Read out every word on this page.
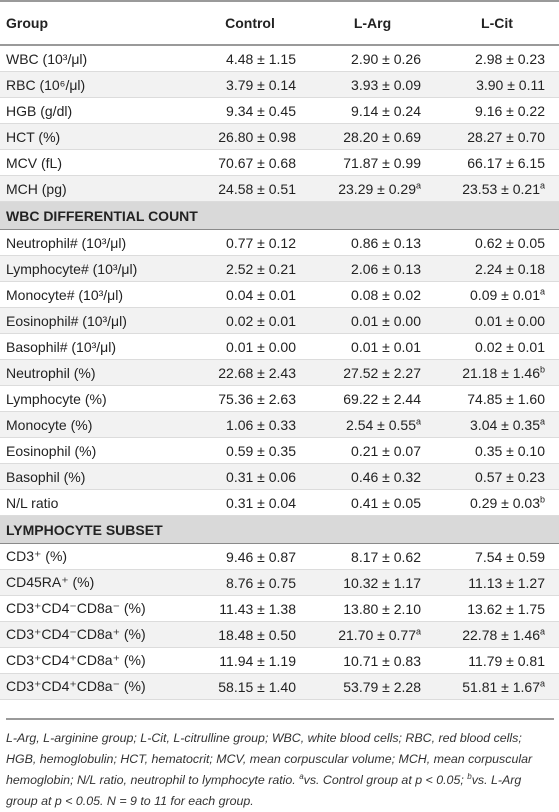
Group	Control	L-Arg	L-Cit
WBC (10³/μl)	4.48 ± 1.15	2.90 ± 0.26	2.98 ± 0.23
RBC (10⁶/μl)	3.79 ± 0.14	3.93 ± 0.09	3.90 ± 0.11
HGB (g/dl)	9.34 ± 0.45	9.14 ± 0.24	9.16 ± 0.22
HCT (%)	26.80 ± 0.98	28.20 ± 0.69	28.27 ± 0.70
MCV (fL)	70.67 ± 0.68	71.87 ± 0.99	66.17 ± 6.15
MCH (pg)	24.58 ± 0.51	23.29 ± 0.29$^a$	23.53 ± 0.21$^a$
WBC DIFFERENTIAL COUNT			
Neutrophil# (10³/μl)	0.77 ± 0.12	0.86 ± 0.13	0.62 ± 0.05
Lymphocyte# (10³/μl)	2.52 ± 0.21	2.06 ± 0.13	2.24 ± 0.18
Monocyte# (10³/μl)	0.04 ± 0.01	0.08 ± 0.02	0.09 ± 0.01$^a$
Eosinophil# (10³/μl)	0.02 ± 0.01	0.01 ± 0.00	0.01 ± 0.00
Basophil# (10³/μl)	0.01 ± 0.00	0.01 ± 0.01	0.02 ± 0.01
Neutrophil (%)	22.68 ± 2.43	27.52 ± 2.27	21.18 ± 1.46$^b$
Lymphocyte (%)	75.36 ± 2.63	69.22 ± 2.44	74.85 ± 1.60
Monocyte (%)	1.06 ± 0.33	2.54 ± 0.55$^a$	3.04 ± 0.35$^a$
Eosinophil (%)	0.59 ± 0.35	0.21 ± 0.07	0.35 ± 0.10
Basophil (%)	0.31 ± 0.06	0.46 ± 0.32	0.57 ± 0.23
N/L ratio	0.31 ± 0.04	0.41 ± 0.05	0.29 ± 0.03$^b$
LYMPHOCYTE SUBSET			
CD3⁺ (%)	9.46 ± 0.87	8.17 ± 0.62	7.54 ± 0.59
CD45RA⁺ (%)	8.76 ± 0.75	10.32 ± 1.17	11.13 ± 1.27
CD3⁺CD4⁻CD8a⁻ (%)	11.43 ± 1.38	13.80 ± 2.10	13.62 ± 1.75
CD3⁺CD4⁻CD8a⁺ (%)	18.48 ± 0.50	21.70 ± 0.77$^a$	22.78 ± 1.46$^a$
CD3⁺CD4⁺CD8a⁺ (%)	11.94 ± 1.19	10.71 ± 0.83	11.79 ± 0.81
CD3⁺CD4⁺CD8a⁻ (%)	58.15 ± 1.40	53.79 ± 2.28	51.81 ± 1.67$^a$
L-Arg, L-arginine group; L-Cit, L-citrulline group; WBC, white blood cells; RBC, red blood cells; HGB, hemoglobulin; HCT, hematocrit; MCV, mean corpuscular volume; MCH, mean corpuscular hemoglobin; N/L ratio, neutrophil to lymphocyte ratio. $^a$vs. Control group at p < 0.05; $^b$vs. L-Arg group at p < 0.05. N = 9 to 11 for each group.
